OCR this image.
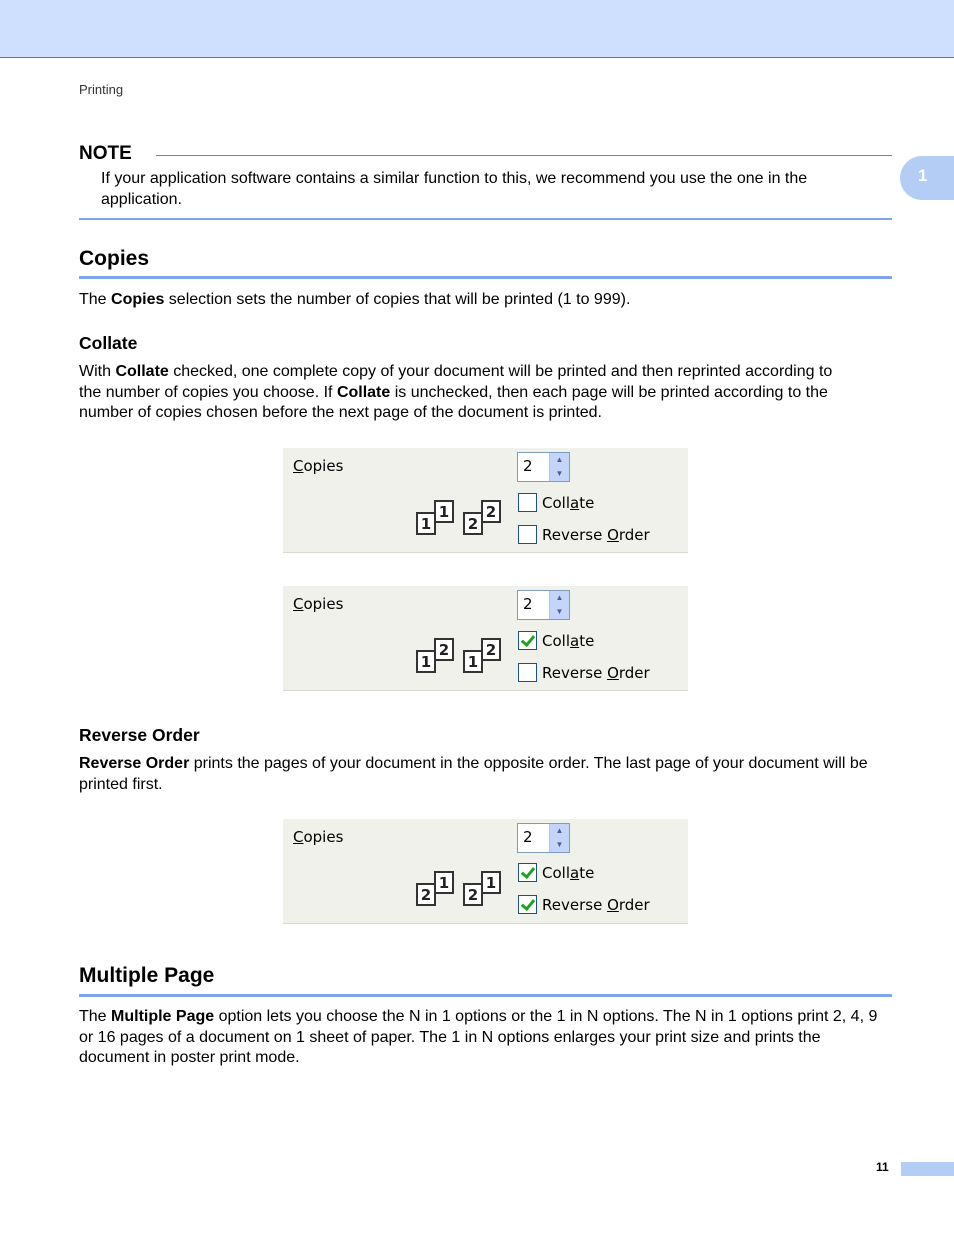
Printing
1
NOTE
If your application software contains a similar function to this, we recommend you use the one in the application.
Copies
The Copies selection sets the number of copies that will be printed (1 to 999).
Collate
With Collate checked, one complete copy of your document will be printed and then reprinted according to
the number of copies you choose. If Collate is unchecked, then each page will be printed according to the
number of copies chosen before the next page of the document is printed.
Copies	2	▲
▼
1
1
2
2
Collate
Reverse Order
Copies	2	▲
▼
2
1
2
1
Collate
Reverse Order
Reverse Order
Reverse Order prints the pages of your document in the opposite order. The last page of your document will be printed first.
Copies	2	▲
▼
1
2
1
2
Collate
Reverse Order
Multiple Page
The Multiple Page option lets you choose the N in 1 options or the 1 in N options. The N in 1 options print 2, 4, 9 or 16 pages of a document on 1 sheet of paper. The 1 in N options enlarges your print size and prints the document in poster print mode.
11
